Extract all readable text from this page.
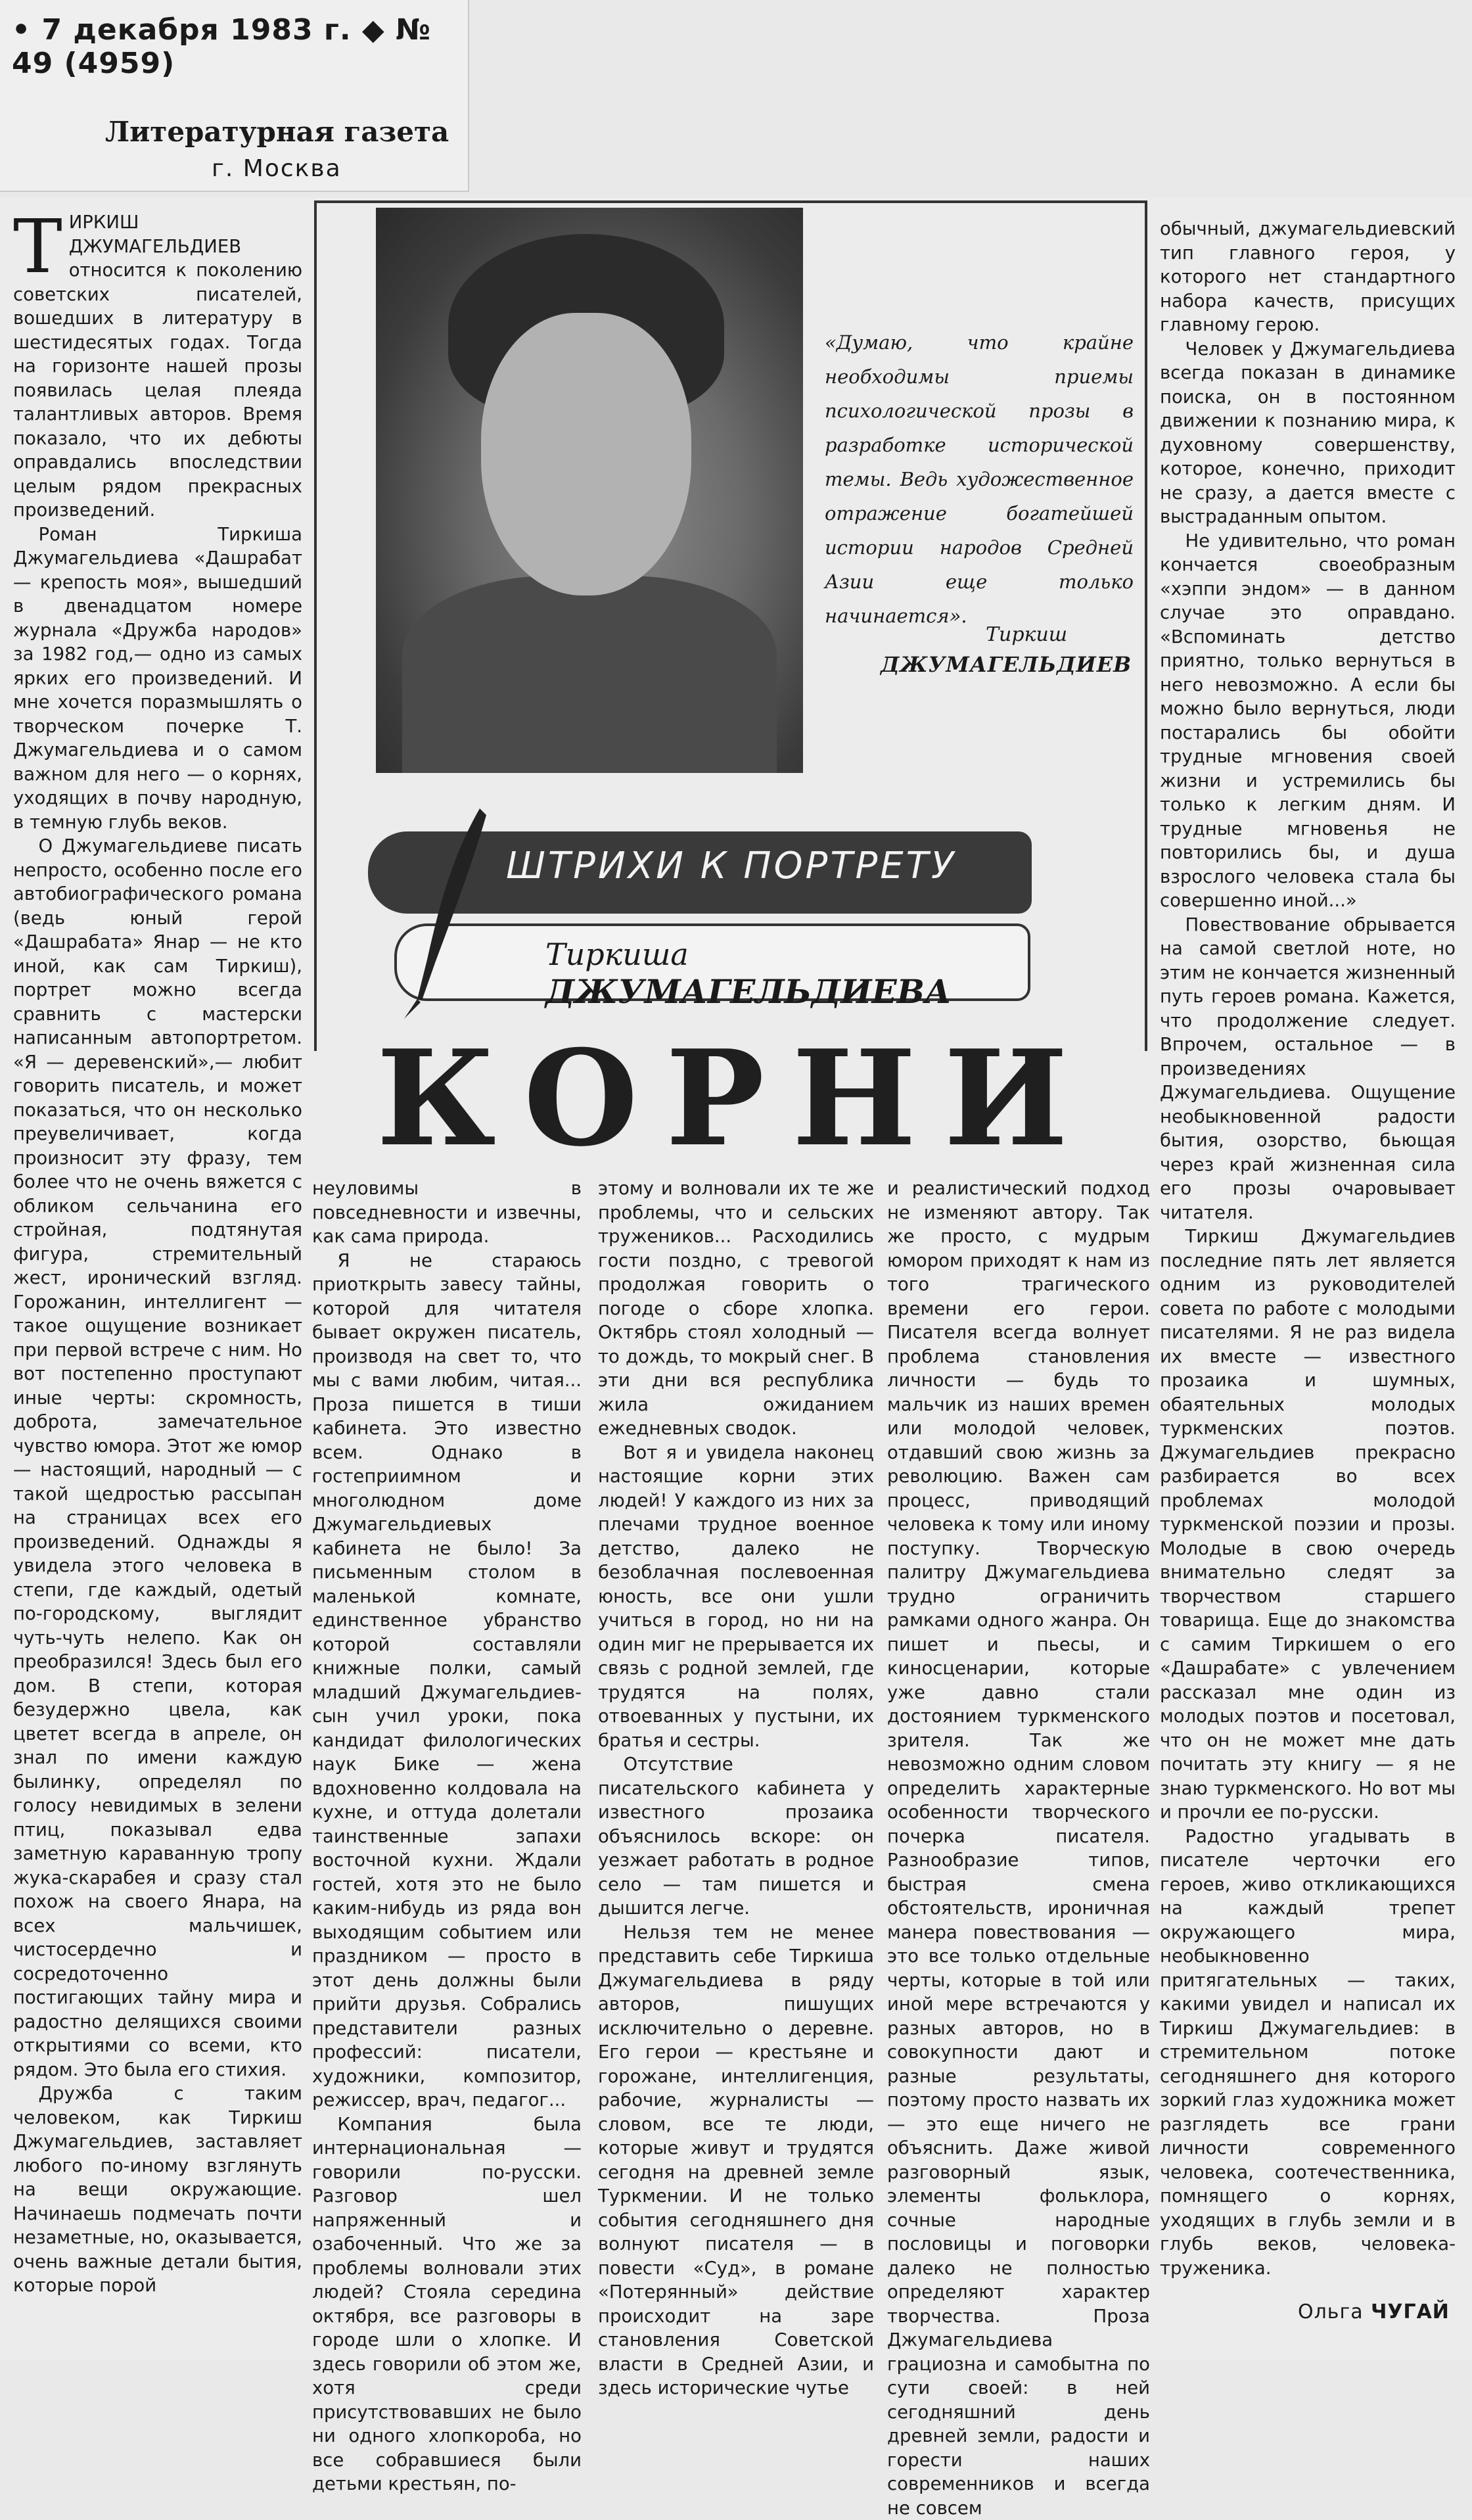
• 7 декабря 1983 г. ◆ № 49 (4959)
Литературная газета
г. Москва
Т ИРКИШ ДЖУМАГЕЛЬДИЕВ относится к поколению советских писателей, вошедших в литературу в шестидесятых годах. Тогда на горизонте нашей прозы появилась целая плеяда талантливых авторов. Время показало, что их дебюты оправдались впоследствии целым рядом прекрасных произведений.

Роман Тиркиша Джумагельдиева «Дашрабат — крепость моя», вышедший в двенадцатом номере журнала «Дружба народов» за 1982 год,— одно из самых ярких его произведений. И мне хочется поразмышлять о творческом почерке Т. Джумагельдиева и о самом важном для него — о корнях, уходящих в почву народную, в темную глубь веков.

О Джумагельдиеве писать непросто, особенно после его автобиографического романа (ведь юный герой «Дашрабата» Янар — не кто иной, как сам Тиркиш), портрет можно всегда сравнить с мастерски написанным автопортретом. «Я — деревенский»,— любит говорить писатель, и может показаться, что он несколько преувеличивает, когда произносит эту фразу, тем более что не очень вяжется с обликом сельчанина его стройная, подтянутая фигура, стремительный жест, иронический взгляд. Горожанин, интеллигент — такое ощущение возникает при первой встрече с ним. Но вот постепенно проступают иные черты: скромность, доброта, замечательное чувство юмора. Этот же юмор — настоящий, народный — с такой щедростью рассыпан на страницах всех его произведений. Однажды я увидела этого человека в степи, где каждый, одетый по-городскому, выглядит чуть-чуть нелепо. Как он преобразился! Здесь был его дом. В степи, которая безудержно цвела, как цветет всегда в апреле, он знал по имени каждую былинку, определял по голосу невидимых в зелени птиц, показывал едва заметную караванную тропу жука-скарабея и сразу стал похож на своего Янара, на всех мальчишек, чистосердечно и сосредоточенно постигающих тайну мира и радостно делящихся своими открытиями со всеми, кто рядом. Это была его стихия.

Дружба с таким человеком, как Тиркиш Джумагельдиев, заставляет любого по-иному взглянуть на вещи окружающие. Начинаешь подмечать почти незаметные, но, оказывается, очень важные детали бытия, которые порой

«Думаю, что крайне необходимы приемы психологической прозы в разработке исторической темы. Ведь художественное отражение богатейшей истории народов Средней Азии еще только начинается».
Тиркиш
ДЖУМАГЕЛЬДИЕВ
ШТРИХИ К ПОРТРЕТУ
Тиркиша ДЖУМАГЕЛЬДИЕВА
КОРНИ

обычный, джумагельдиевский тип главного героя, у которого нет стандартного набора качеств, присущих главному герою.

Человек у Джумагельдиева всегда показан в динамике поиска, он в постоянном движении к познанию мира, к духовному совершенству, которое, конечно, приходит не сразу, а дается вместе с выстраданным опытом.

Не удивительно, что роман кончается своеобразным «хэппи эндом» — в данном случае это оправдано. «Вспоминать детство приятно, только вернуться в него невозможно. А если бы можно было вернуться, люди постарались бы обойти трудные мгновения своей жизни и устремились бы только к легким дням. И трудные мгновенья не повторились бы, и душа взрослого человека стала бы совершенно иной...»

Повествование обрывается на самой светлой ноте, но этим не кончается жизненный путь героев романа. Кажется, что продолжение следует. Впрочем, остальное — в произведениях Джумагельдиева. Ощущение необыкновенной радости бытия, озорство, бьющая через край жизненная сила его прозы очаровывает читателя.

Тиркиш Джумагельдиев последние пять лет является одним из руководителей совета по работе с молодыми писателями. Я не раз видела их вместе — известного прозаика и шумных, обаятельных молодых туркменских поэтов. Джумагельдиев прекрасно разбирается во всех проблемах молодой туркменской поэзии и прозы. Молодые в свою очередь внимательно следят за творчеством старшего товарища. Еще до знакомства с самим Тиркишем о его «Дашрабате» с увлечением рассказал мне один из молодых поэтов и посетовал, что он не может мне дать почитать эту книгу — я не знаю туркменского. Но вот мы и прочли ее по-русски.

Радостно угадывать в писателе черточки его героев, живо откликающихся на каждый трепет окружающего мира, необыкновенно притягательных — таких, какими увидел и написал их Тиркиш Джумагельдиев: в стремительном потоке сегодняшнего дня которого зоркий глаз художника может разглядеть все грани личности современного человека, соотечественника, помнящего о корнях, уходящих в глубь земли и в глубь веков, человека-труженика.

неуловимы в повседневности и извечны, как сама природа.

Я не стараюсь приоткрыть завесу тайны, которой для читателя бывает окружен писатель, производя на свет то, что мы с вами любим, читая... Проза пишется в тиши кабинета. Это известно всем. Однако в гостеприимном и многолюдном доме Джумагельдиевых кабинета не было! За письменным столом в маленькой комнате, единственное убранство которой составляли книжные полки, самый младший Джумагельдиев-сын учил уроки, пока кандидат филологических наук Бике — жена вдохновенно колдовала на кухне, и оттуда долетали таинственные запахи восточной кухни. Ждали гостей, хотя это не было каким-нибудь из ряда вон выходящим событием или праздником — просто в этот день должны были прийти друзья. Собрались представители разных профессий: писатели, художники, композитор, режиссер, врач, педагог...

Компания была интернациональная — говорили по-русски. Разговор шел напряженный и озабоченный. Что же за проблемы волновали этих людей? Стояла середина октября, все разговоры в городе шли о хлопке. И здесь говорили об этом же, хотя среди присутствовавших не было ни одного хлопкороба, но все собравшиеся были детьми крестьян, по-

этому и волновали их те же проблемы, что и сельских тружеников... Расходились гости поздно, с тревогой продолжая говорить о погоде о сборе хлопка. Октябрь стоял холодный — то дождь, то мокрый снег. В эти дни вся республика жила ожиданием ежедневных сводок.

Вот я и увидела наконец настоящие корни этих людей! У каждого из них за плечами трудное военное детство, далеко не безоблачная послевоенная юность, все они ушли учиться в город, но ни на один миг не прерывается их связь с родной землей, где трудятся на полях, отвоеванных у пустыни, их братья и сестры.

Отсутствие писательского кабинета у известного прозаика объяснилось вскоре: он уезжает работать в родное село — там пишется и дышится легче.

Нельзя тем не менее представить себе Тиркиша Джумагельдиева в ряду авторов, пишущих исключительно о деревне. Его герои — крестьяне и горожане, интеллигенция, рабочие, журналисты — словом, все те люди, которые живут и трудятся сегодня на древней земле Туркмении. И не только события сегодняшнего дня волнуют писателя — в повести «Суд», в романе «Потерянный» действие происходит на заре становления Советской власти в Средней Азии, и здесь исторические чутье

и реалистический подход не изменяют автору. Так же просто, с мудрым юмором приходят к нам из того трагического времени его герои. Писателя всегда волнует проблема становления личности — будь то мальчик из наших времен или молодой человек, отдавший свою жизнь за революцию. Важен сам процесс, приводящий человека к тому или иному поступку. Творческую палитру Джумагельдиева трудно ограничить рамками одного жанра. Он пишет и пьесы, и киносценарии, которые уже давно стали достоянием туркменского зрителя. Так же невозможно одним словом определить характерные особенности творческого почерка писателя. Разнообразие типов, быстрая смена обстоятельств, ироничная манера повествования — это все только отдельные черты, которые в той или иной мере встречаются у разных авторов, но в совокупности дают и разные результаты, поэтому просто назвать их — это еще ничего не объяснить. Даже живой разговорный язык, элементы фольклора, сочные народные пословицы и поговорки далеко не полностью определяют характер творчества. Проза Джумагельдиева грациозна и самобытна по сути своей: в ней сегодняшний день древней земли, радости и горести наших современников и всегда не совсем

Ольга ЧУГАЙ
